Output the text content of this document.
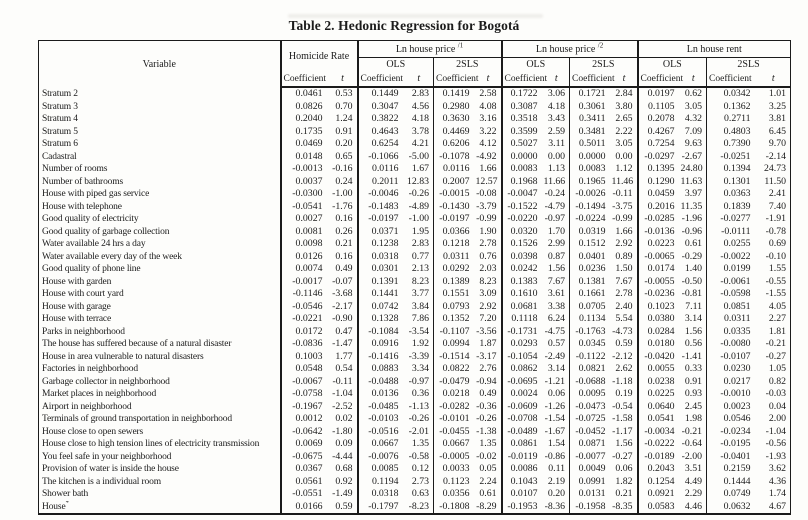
Table 2. Hedonic Regression for Bogotá
Variable	Homicide Rate		Ln house price $^{/1}$				Ln house price $^{/2}$				Ln house rent			
			OLS		2SLS		OLS		2SLS		OLS		2SLS	
	Coefficient	t	Coefficient	t	Coefficient	t	Coefficient	t	Coefficient	t	Coefficient	t	Coefficient	t
Stratum 2	0.0461	0.53	0.1449	2.83	0.1419	2.58	0.1722	3.06	0.1721	2.84	0.0197	0.62	0.0342	1.01
Stratum 3	0.0826	0.70	0.3047	4.56	0.2980	4.08	0.3087	4.18	0.3061	3.80	0.1105	3.05	0.1362	3.25
Stratum 4	0.2040	1.24	0.3822	4.18	0.3630	3.16	0.3518	3.43	0.3411	2.65	0.2078	4.32	0.2711	3.81
Stratum 5	0.1735	0.91	0.4643	3.78	0.4469	3.22	0.3599	2.59	0.3481	2.22	0.4267	7.09	0.4803	6.45
Stratum 6	0.0469	0.20	0.6254	4.21	0.6206	4.12	0.5027	3.11	0.5011	3.05	0.7254	9.63	0.7390	9.70
Cadastral	0.0148	0.65	-0.1066	-5.00	-0.1078	-4.92	0.0000	0.00	0.0000	0.00	-0.0297	-2.67	-0.0251	-2.14
Number of rooms	-0.0013	-0.16	0.0116	1.67	0.0116	1.66	0.0083	1.13	0.0083	1.12	0.1395	24.80	0.1394	24.73
Number of bathrooms	0.0037	0.24	0.2011	12.83	0.2007	12.57	0.1968	11.66	0.1965	11.46	0.1290	11.63	0.1301	11.50
House with piped gas service	-0.0300	-1.00	-0.0046	-0.26	-0.0015	-0.08	-0.0047	-0.24	-0.0026	-0.11	0.0459	3.97	0.0363	2.41
House with telephone	-0.0541	-1.76	-0.1483	-4.89	-0.1430	-3.79	-0.1522	-4.79	-0.1494	-3.75	0.2016	11.35	0.1839	7.40
Good quality of electricity	0.0027	0.16	-0.0197	-1.00	-0.0197	-0.99	-0.0220	-0.97	-0.0224	-0.99	-0.0285	-1.96	-0.0277	-1.91
Good quality of garbage collection	0.0081	0.26	0.0371	1.95	0.0366	1.90	0.0320	1.70	0.0319	1.66	-0.0136	-0.96	-0.0111	-0.78
Water available 24 hrs a day	0.0098	0.21	0.1238	2.83	0.1218	2.78	0.1526	2.99	0.1512	2.92	0.0223	0.61	0.0255	0.69
Water available every day of the week	0.0126	0.16	0.0318	0.77	0.0311	0.76	0.0398	0.87	0.0401	0.89	-0.0065	-0.29	-0.0022	-0.10
Good quality of phone line	0.0074	0.49	0.0301	2.13	0.0292	2.03	0.0242	1.56	0.0236	1.50	0.0174	1.40	0.0199	1.55
House with garden	-0.0017	-0.07	0.1391	8.23	0.1389	8.23	0.1383	7.67	0.1381	7.67	-0.0055	-0.50	-0.0061	-0.55
House with court yard	-0.1146	-3.68	0.1441	3.77	0.1551	3.09	0.1610	3.61	0.1661	2.78	-0.0236	-0.81	-0.0598	-1.55
House with garage	-0.0546	-2.17	0.0742	3.84	0.0793	2.92	0.0681	3.38	0.0705	2.40	0.1023	7.11	0.0851	4.05
House with terrace	-0.0221	-0.90	0.1328	7.86	0.1352	7.20	0.1118	6.24	0.1134	5.54	0.0380	3.14	0.0311	2.27
Parks in neighborhood	0.0172	0.47	-0.1084	-3.54	-0.1107	-3.56	-0.1731	-4.75	-0.1763	-4.73	0.0284	1.56	0.0335	1.81
The house has suffered because of a natural disaster	-0.0836	-1.47	0.0916	1.92	0.0994	1.87	0.0293	0.57	0.0345	0.59	0.0180	0.56	-0.0080	-0.21
House in area vulnerable to natural disasters	0.1003	1.77	-0.1416	-3.39	-0.1514	-3.17	-0.1054	-2.49	-0.1122	-2.12	-0.0420	-1.41	-0.0107	-0.27
Factories in neighborhood	0.0548	0.54	0.0883	3.34	0.0822	2.76	0.0862	3.14	0.0821	2.62	0.0055	0.33	0.0230	1.05
Garbage collector in neighborhood	-0.0067	-0.11	-0.0488	-0.97	-0.0479	-0.94	-0.0695	-1.21	-0.0688	-1.18	0.0238	0.91	0.0217	0.82
Market places in neighborhood	-0.0758	-1.04	0.0136	0.36	0.0218	0.49	0.0024	0.06	0.0095	0.19	0.0225	0.93	-0.0010	-0.03
Airport in neighborhood	-0.1967	-2.52	-0.0485	-1.13	-0.0282	-0.36	-0.0609	-1.26	-0.0473	-0.54	0.0640	2.45	0.0023	0.04
Terminals of ground transportation in neighborhood	0.0012	0.02	-0.0103	-0.26	-0.0101	-0.26	-0.0708	-1.54	-0.0725	-1.58	0.0541	1.98	0.0546	2.00
House close to open sewers	-0.0642	-1.80	-0.0516	-2.01	-0.0455	-1.38	-0.0489	-1.67	-0.0452	-1.17	-0.0034	-0.21	-0.0234	-1.04
House close to high tension lines of electricity transmission	0.0069	0.09	0.0667	1.35	0.0667	1.35	0.0861	1.54	0.0871	1.56	-0.0222	-0.64	-0.0195	-0.56
You feel safe in your neighborhood	-0.0675	-4.44	-0.0076	-0.58	-0.0005	-0.02	-0.0119	-0.86	-0.0077	-0.27	-0.0189	-2.00	-0.0401	-1.93
Provision of water is inside the house	0.0367	0.68	0.0085	0.12	0.0033	0.05	0.0086	0.11	0.0049	0.06	0.2043	3.51	0.2159	3.62
The kitchen is a individual room	0.0561	0.92	0.1194	2.73	0.1123	2.24	0.1043	2.19	0.0991	1.82	0.1254	4.49	0.1444	4.36
Shower bath	-0.0551	-1.49	0.0318	0.63	0.0356	0.61	0.0107	0.20	0.0131	0.21	0.0921	2.29	0.0749	1.74
House*	0.0166	0.59	-0.1797	-8.23	-0.1808	-8.29	-0.1953	-8.36	-0.1958	-8.35	0.0583	4.46	0.0632	4.67
